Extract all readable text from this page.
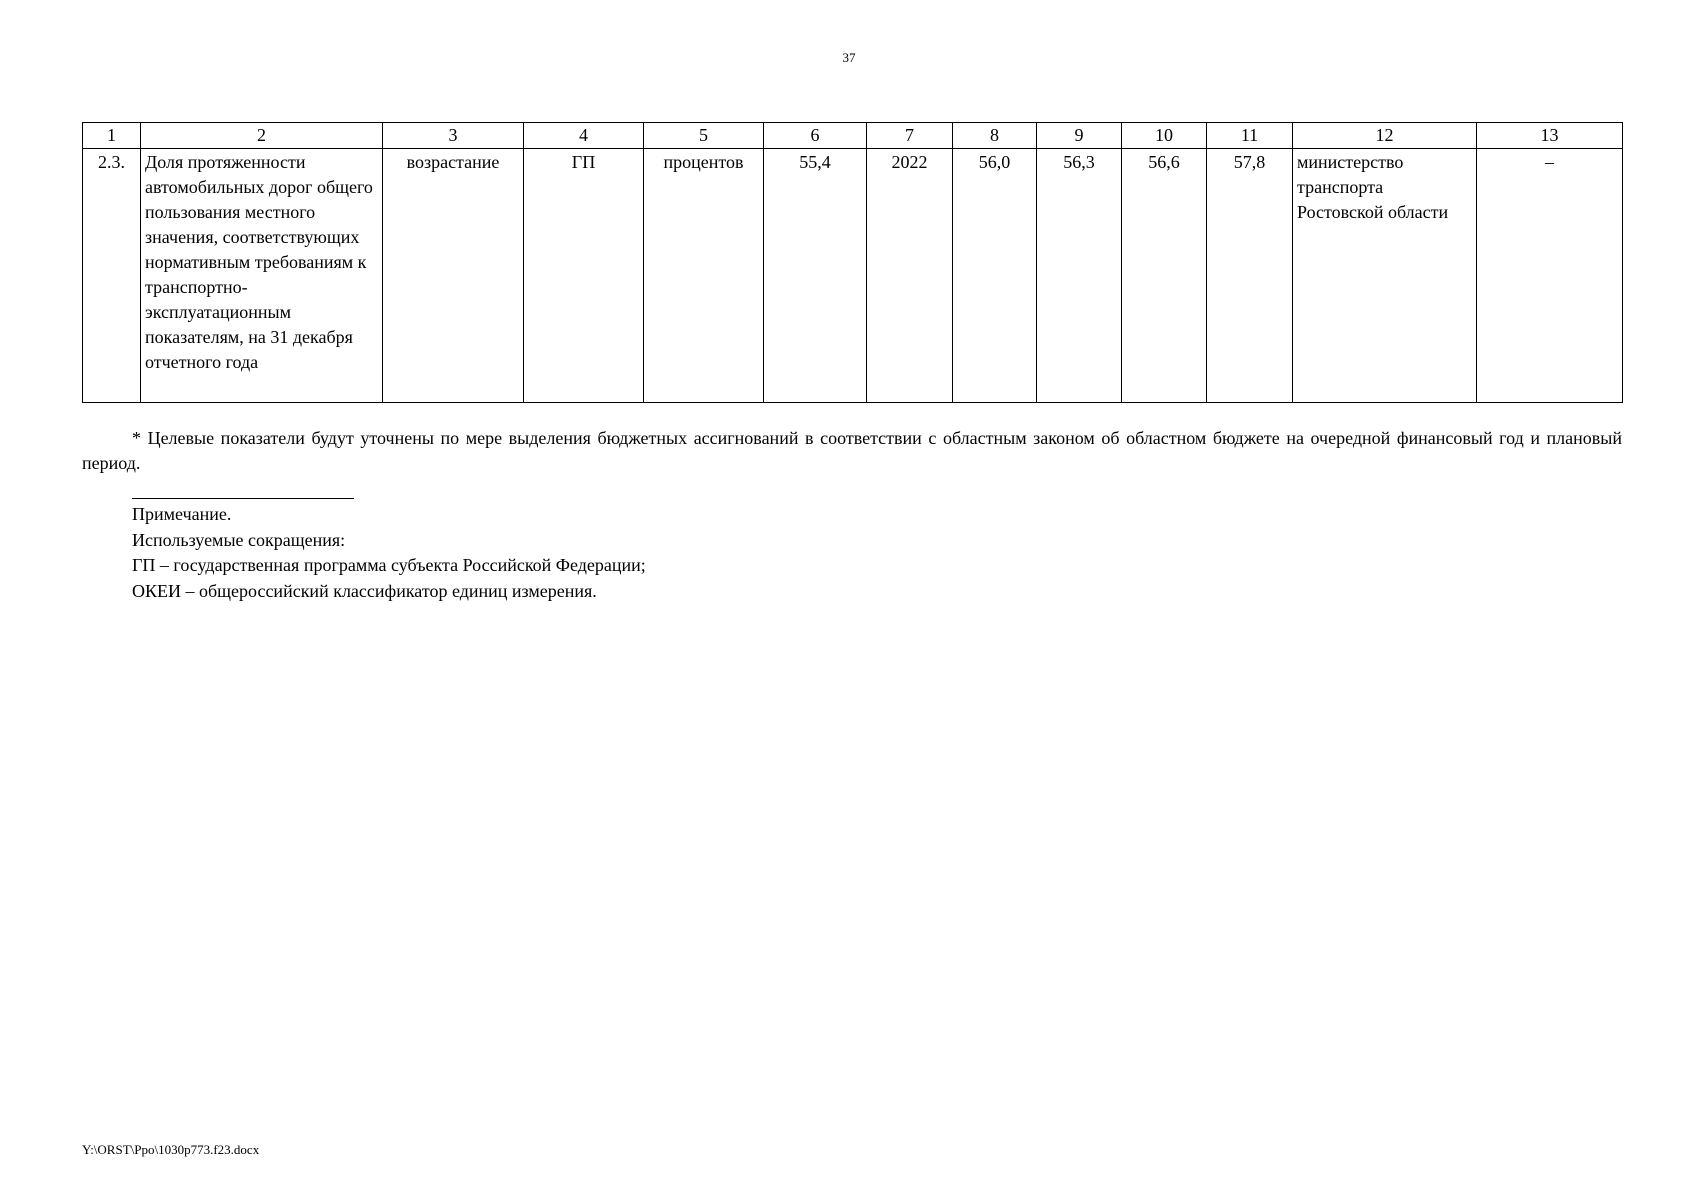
37
1	2	3	4	5	6	7	8	9	10	11	12	13
2.3.	Доля протяженности автомобильных дорог общего пользования местного значения, соответствующих нормативным требованиям к транспортно-эксплуатационным показателям, на 31 декабря отчетного года	возрастание	ГП	процентов	55,4	2022	56,0	56,3	56,6	57,8	министерство транспорта Ростовской области	–
* Целевые показатели будут уточнены по мере выделения бюджетных ассигнований в соответствии с областным законом об областном бюджете на очередной финансовый год и плановый период.
Примечание.
Используемые сокращения:
ГП – государственная программа субъекта Российской Федерации;
ОКЕИ – общероссийский классификатор единиц измерения.
Y:\ORST\Ppo\1030p773.f23.docx
